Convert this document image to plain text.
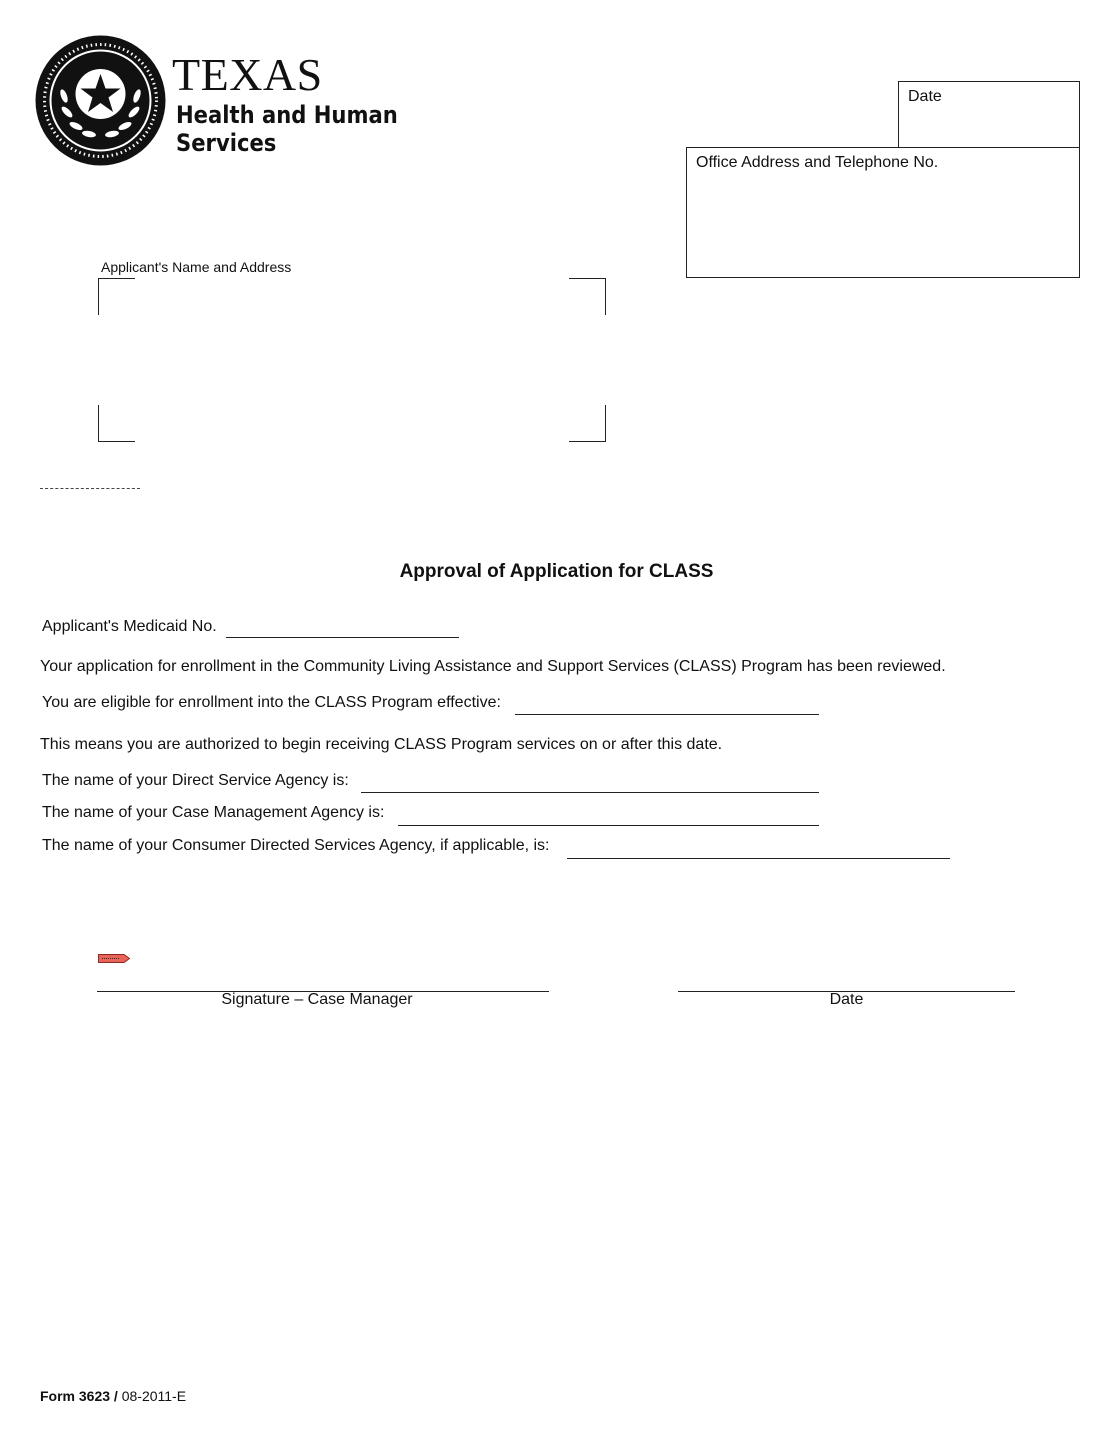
TEXAS
Health and Human
Services
Date
Office Address and Telephone No.
Applicant's Name and Address
Approval of Application for CLASS
Applicant's Medicaid No.
Your application for enrollment in the Community Living Assistance and Support Services (CLASS) Program has been reviewed.
You are eligible for enrollment into the CLASS Program effective:
This means you are authorized to begin receiving CLASS Program services on or after this date.
The name of your Direct Service Agency is:
The name of your Case Management Agency is:
The name of your Consumer Directed Services Agency, if applicable, is:
Signature – Case Manager	Date
Form 3623 / 08-2011-E
